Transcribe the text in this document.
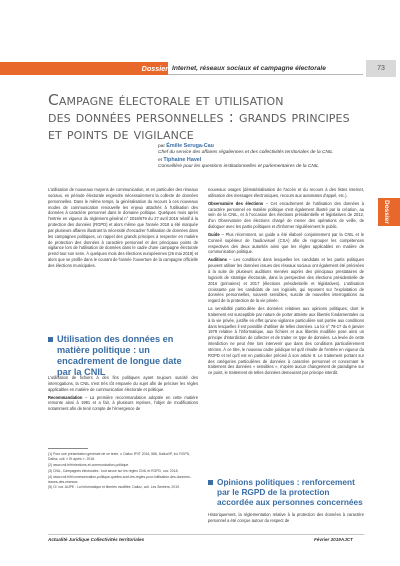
Dossier Internet, réseaux sociaux et campagne électorale	73
Campagne électorale et utilisation
des données personnelles : grands principes
et points de vigilance
par Émilie Seruga-Cau
Chef du service des affaires régaliennes et des collectivités territoriales de la CNIL
et Tiphaine Havel
Conseillère pour les questions institutionnelles et parlementaires de la CNIL
Dossier

L'utilisation de nouveaux moyens de communication, et en particulier des réseaux sociaux, en période électorale engendre nécessairement la collecte de données personnelles. Dans le même temps, la généralisation du recours à ces nouveaux modes de communication renouvelle les enjeux attachés à l'utilisation des données à caractère personnel dans le domaine politique. Quelques mois après l'entrée en vigueur du règlement général n° 2016/679 du 27 avril 2016 relatif à la protection des données (RGPD) et alors même que l'année 2018 a été marquée par plusieurs affaires illustrant la nécessité d'encadrer l'utilisation de données dans les campagnes politiques, un rappel des grands principes à respecter en matière de protection des données à caractère personnel et des principaux points de vigilance lors de l'utilisation de données dans le cadre d'une campagne électorale prend tout son sens. À quelques mois des élections européennes (26 mai 2019) et alors que se profile dans le courant de l'année l'ouverture de la campagne officielle des élections municipales.

Utilisation des données en matière politique : un encadrement de longue date par la CNIL

L'utilisation de fichiers à des fins politiques ayant toujours suscité des interrogations, la CNIL s'est très tôt emparée du sujet afin de préciser les règles applicables en matière de communication électorale et politique.

Recommandation – La première recommandation adoptée en cette matière remonte ainsi à 1991 et a fait, à plusieurs reprises, l'objet de modifications notamment afin de tenir compte de l'émergence de

(1) Pour une présentation générale de ce texte, v. Dalloz IP/IT 2016, 586, Dalloz/IP, éd. RGPD, Dalloz, coll. « Et après », 2018.
(2) www.cnil.fr/fr/elections-et-communication-politique.
(3) CNIL, Campagnes électorales : tout savoir sur les règles CNIL et RGPD, nov. 2018.
(4) www.cnil.fr/fr/communication-politique-quelles-sont-les-regles-pour-lutilisation-des-donnees-issues-des-reseaux.
(5) Cf. not. AIJPE : Loi informatique et libertés modifiée, Dalloz, coll. Les Sentiers, 2019.

nouveaux usages (dématérialisation de l'accès et du recours à des listes internet, utilisation des messages électroniques, recours aux automates d'appel, etc.).

Observatoire des élections – Cet encadrement de l'utilisation des données à caractère personnel en matière politique s'est également illustré par la création, au sein de la CNIL, et à l'occasion des élections présidentielle et législatives de 2012, d'un Observatoire des élections chargé de mener des opérations de veille, de dialoguer avec les partis politiques et d'informer régulièrement le public.

Guide – Plus récemment, un guide a été élaboré conjointement par la CNIL et le Conseil supérieur de l'audiovisuel (CSA) afin de regrouper les compétences respectives des deux autorités ainsi que les règles applicables en matière de communication politique.

Auditions – Les conditions dans lesquelles les candidats et les partis politiques peuvent utiliser les données issues des réseaux sociaux ont également été précisées à la suite de plusieurs auditions menées auprès des principaux prestataires de logiciels de stratégie électorale, dans la perspective des élections présidentielle de 2016 (primaires) et 2017 (élections présidentielle et législatives). L'utilisation croissante par les candidats de ces logiciels, qui reposent sur l'exploitation de données personnelles, souvent sensibles, suscite de nouvelles interrogations au regard de la protection de la vie privée.

La sensibilité particulière des données relatives aux opinions politiques, dont le traitement est susceptible par nature de porter atteinte aux libertés fondamentales ou à la vie privée, justifie en effet qu'une vigilance particulière soit portée aux conditions dans lesquelles il est possible d'utiliser de telles données. La loi n° 78-17 du 6 janvier 1978 relative à l'informatique, aux fichiers et aux libertés modifiée pose ainsi un principe d'interdiction de collecter et de traiter ce type de données. La levée de cette interdiction ne peut être lors intervenir que dans des conditions particulièrement strictes. À ce titre, le nouveau cadre juridique tel qu'il résulte de l'entrée en vigueur du RGPD et tel qu'il est en particulier précisé à son article 9. Le traitement portant sur des catégories particulières de données à caractère personnel et concernant le traitement des données « sensibles », n'opère aucun changement de paradigme sur ce point, le traitement de telles données demeurant par principe interdit.

Opinions politiques : renforcement par le RGPD de la protection accordée aux personnes concernées

Historiquement, la réglementation relative à la protection des données à caractère personnel a été conçue autour du respect de

Actualité Juridique Collectivités territoriales	Février 2019 AJCT
